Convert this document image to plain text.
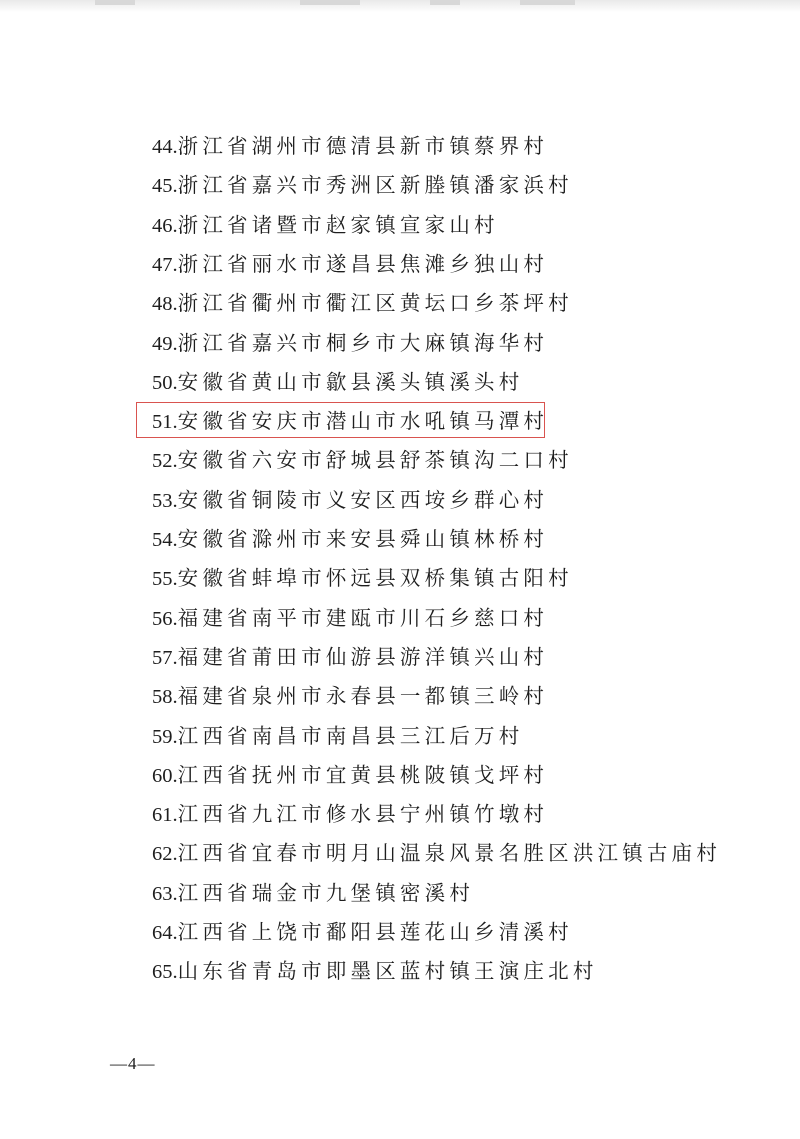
44.浙江省湖州市德清县新市镇蔡界村
45.浙江省嘉兴市秀洲区新塍镇潘家浜村
46.浙江省诸暨市赵家镇宣家山村
47.浙江省丽水市遂昌县焦滩乡独山村
48.浙江省衢州市衢江区黄坛口乡茶坪村
49.浙江省嘉兴市桐乡市大麻镇海华村
50.安徽省黄山市歙县溪头镇溪头村
51.安徽省安庆市潜山市水吼镇马潭村
52.安徽省六安市舒城县舒茶镇沟二口村
53.安徽省铜陵市义安区西垵乡群心村
54.安徽省滁州市来安县舜山镇林桥村
55.安徽省蚌埠市怀远县双桥集镇古阳村
56.福建省南平市建瓯市川石乡慈口村
57.福建省莆田市仙游县游洋镇兴山村
58.福建省泉州市永春县一都镇三岭村
59.江西省南昌市南昌县三江后万村
60.江西省抚州市宜黄县桃陂镇戈坪村
61.江西省九江市修水县宁州镇竹墩村
62.江西省宜春市明月山温泉风景名胜区洪江镇古庙村
63.江西省瑞金市九堡镇密溪村
64.江西省上饶市鄱阳县莲花山乡清溪村
65.山东省青岛市即墨区蓝村镇王演庄北村
—4—
